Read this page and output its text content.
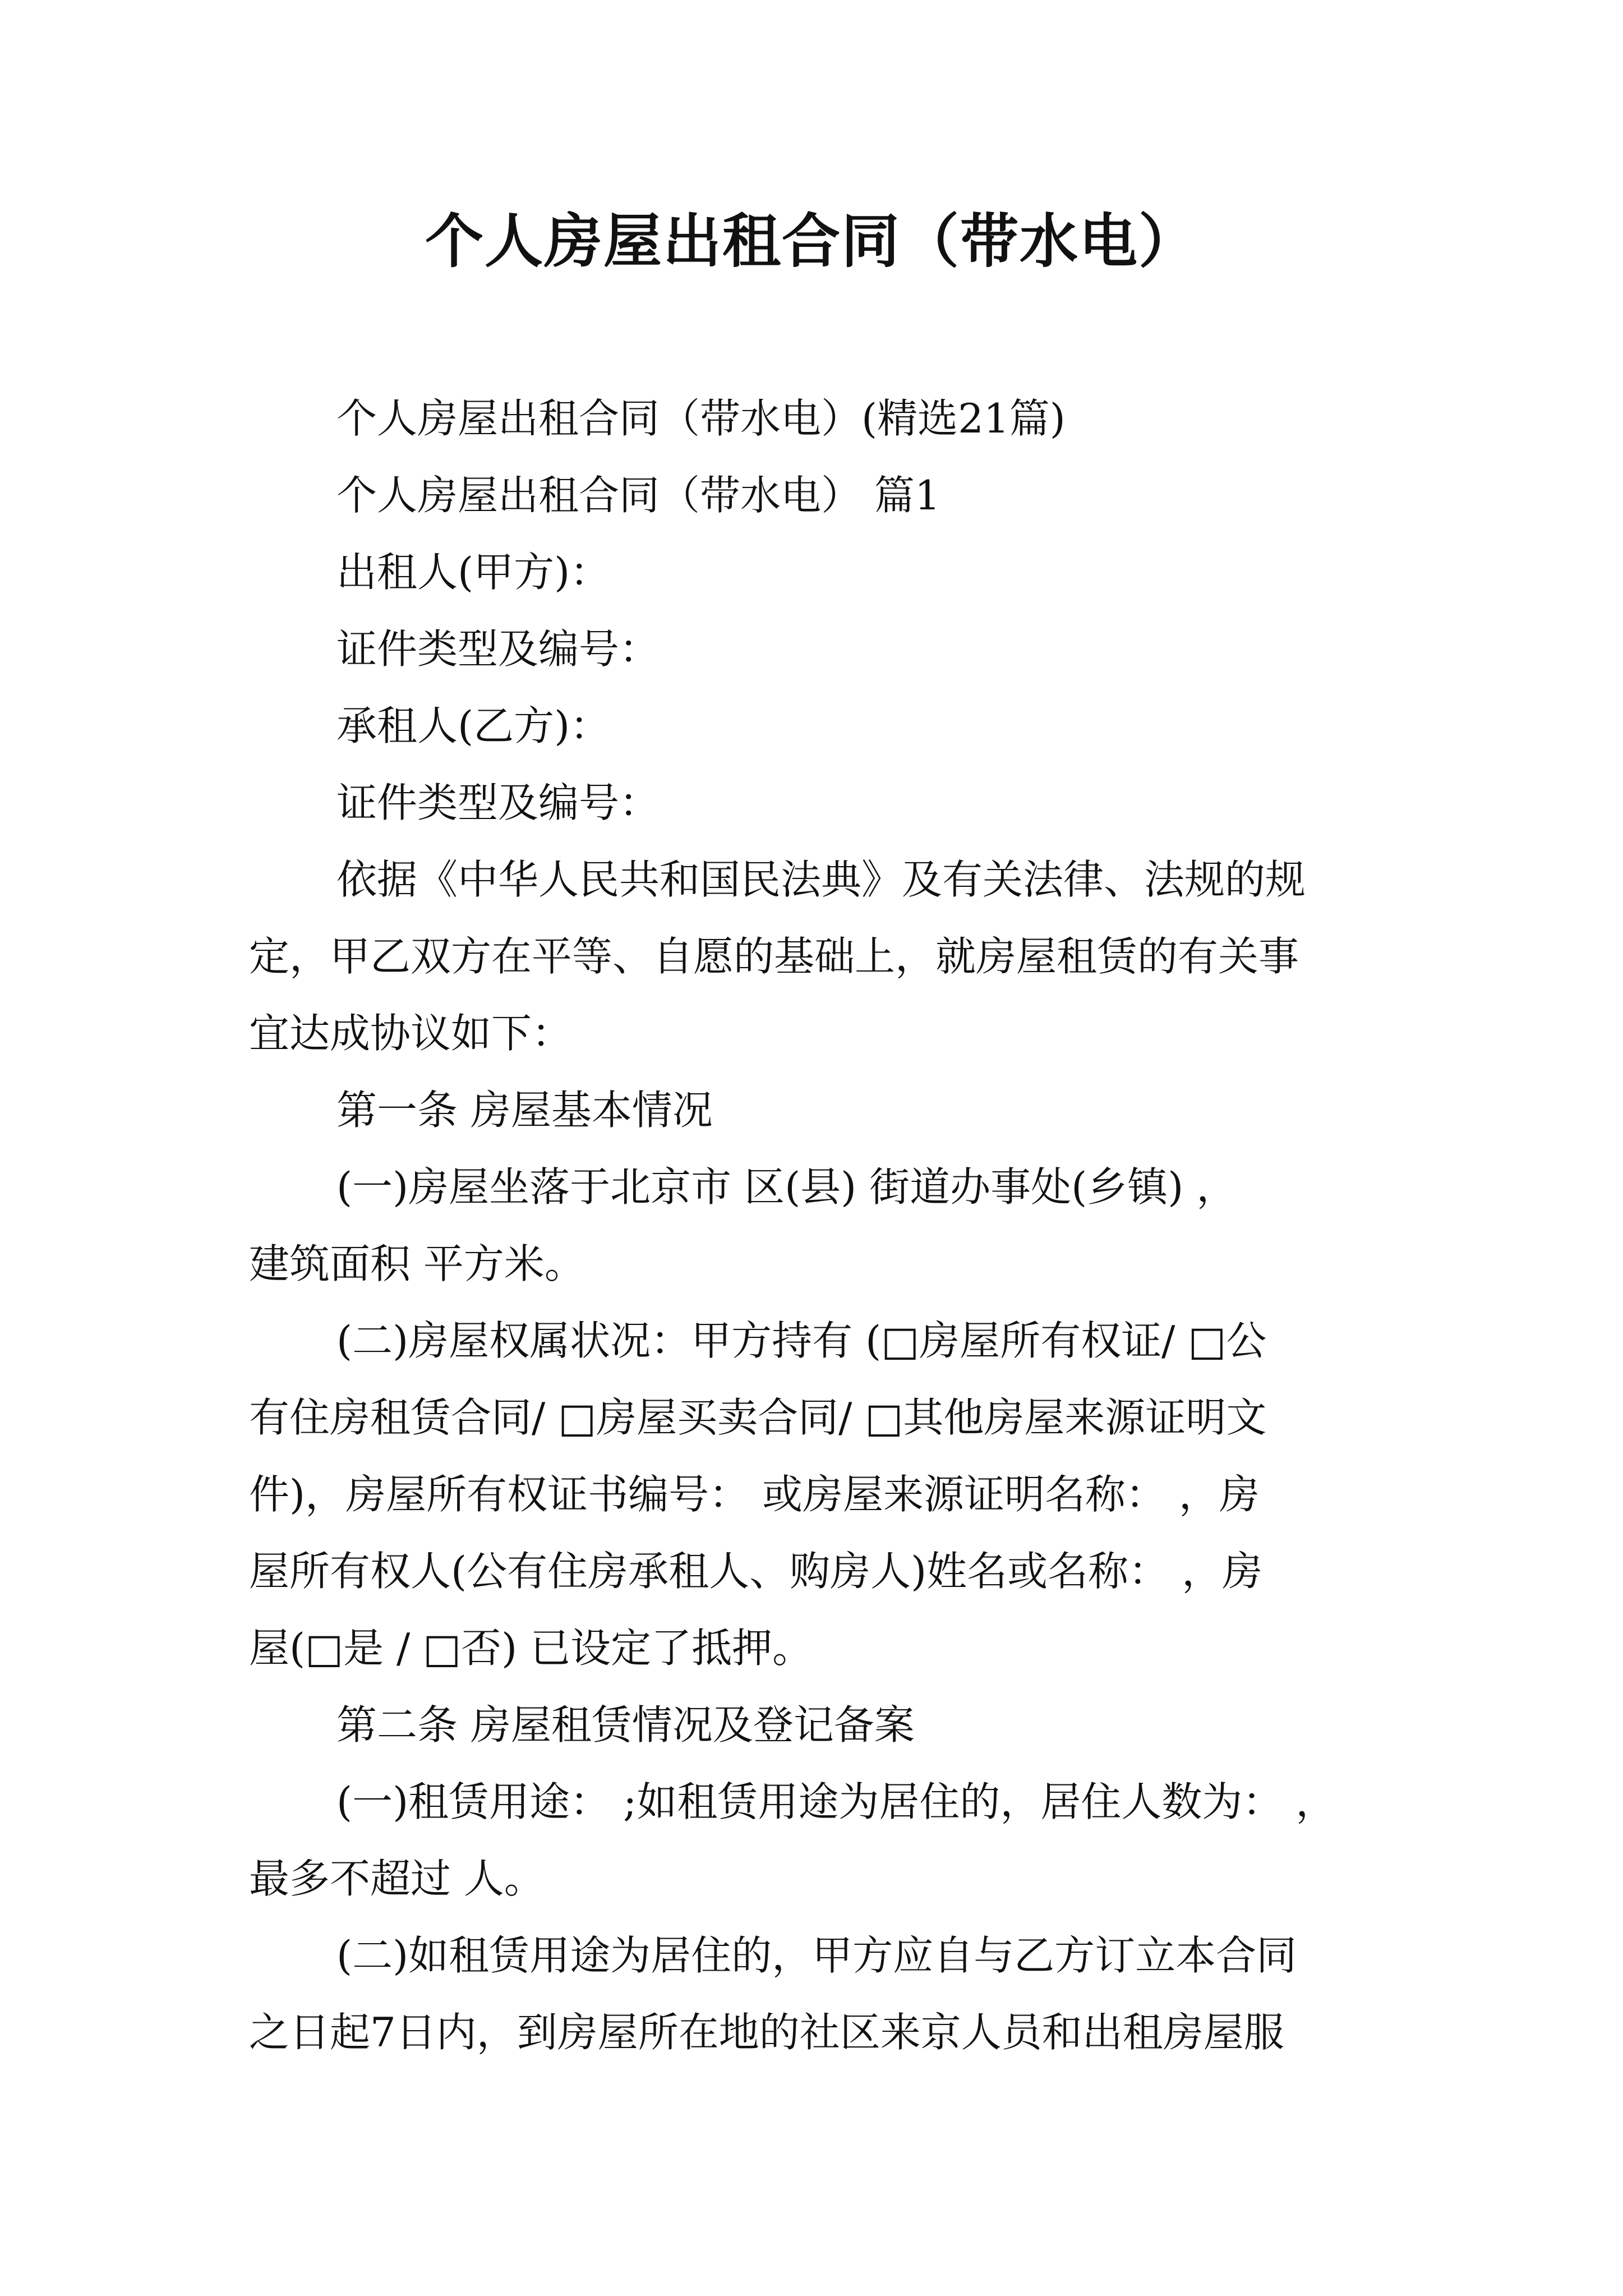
个人房屋出租合同（带水电）
个人房屋出租合同（带水电）(精选21篇)
个人房屋出租合同（带水电） 篇1
出租人(甲方)：
证件类型及编号：
承租人(乙方)：
证件类型及编号：
依据《中华人民共和国民法典》及有关法律、法规的规
定，甲乙双方在平等、自愿的基础上，就房屋租赁的有关事
宜达成协议如下：
第一条 房屋基本情况
(一)房屋坐落于北京市 区(县) 街道办事处(乡镇) ，
建筑面积 平方米。
(二)房屋权属状况：甲方持有 (□房屋所有权证/ □公
有住房租赁合同/ □房屋买卖合同/ □其他房屋来源证明文
件)，房屋所有权证书编号： 或房屋来源证明名称： ，房
屋所有权人(公有住房承租人、购房人)姓名或名称： ，房
屋(□是 / □否) 已设定了抵押。
第二条 房屋租赁情况及登记备案
(一)租赁用途： ;如租赁用途为居住的，居住人数为： ，
最多不超过 人。
(二)如租赁用途为居住的，甲方应自与乙方订立本合同
之日起7日内，到房屋所在地的社区来京人员和出租房屋服
